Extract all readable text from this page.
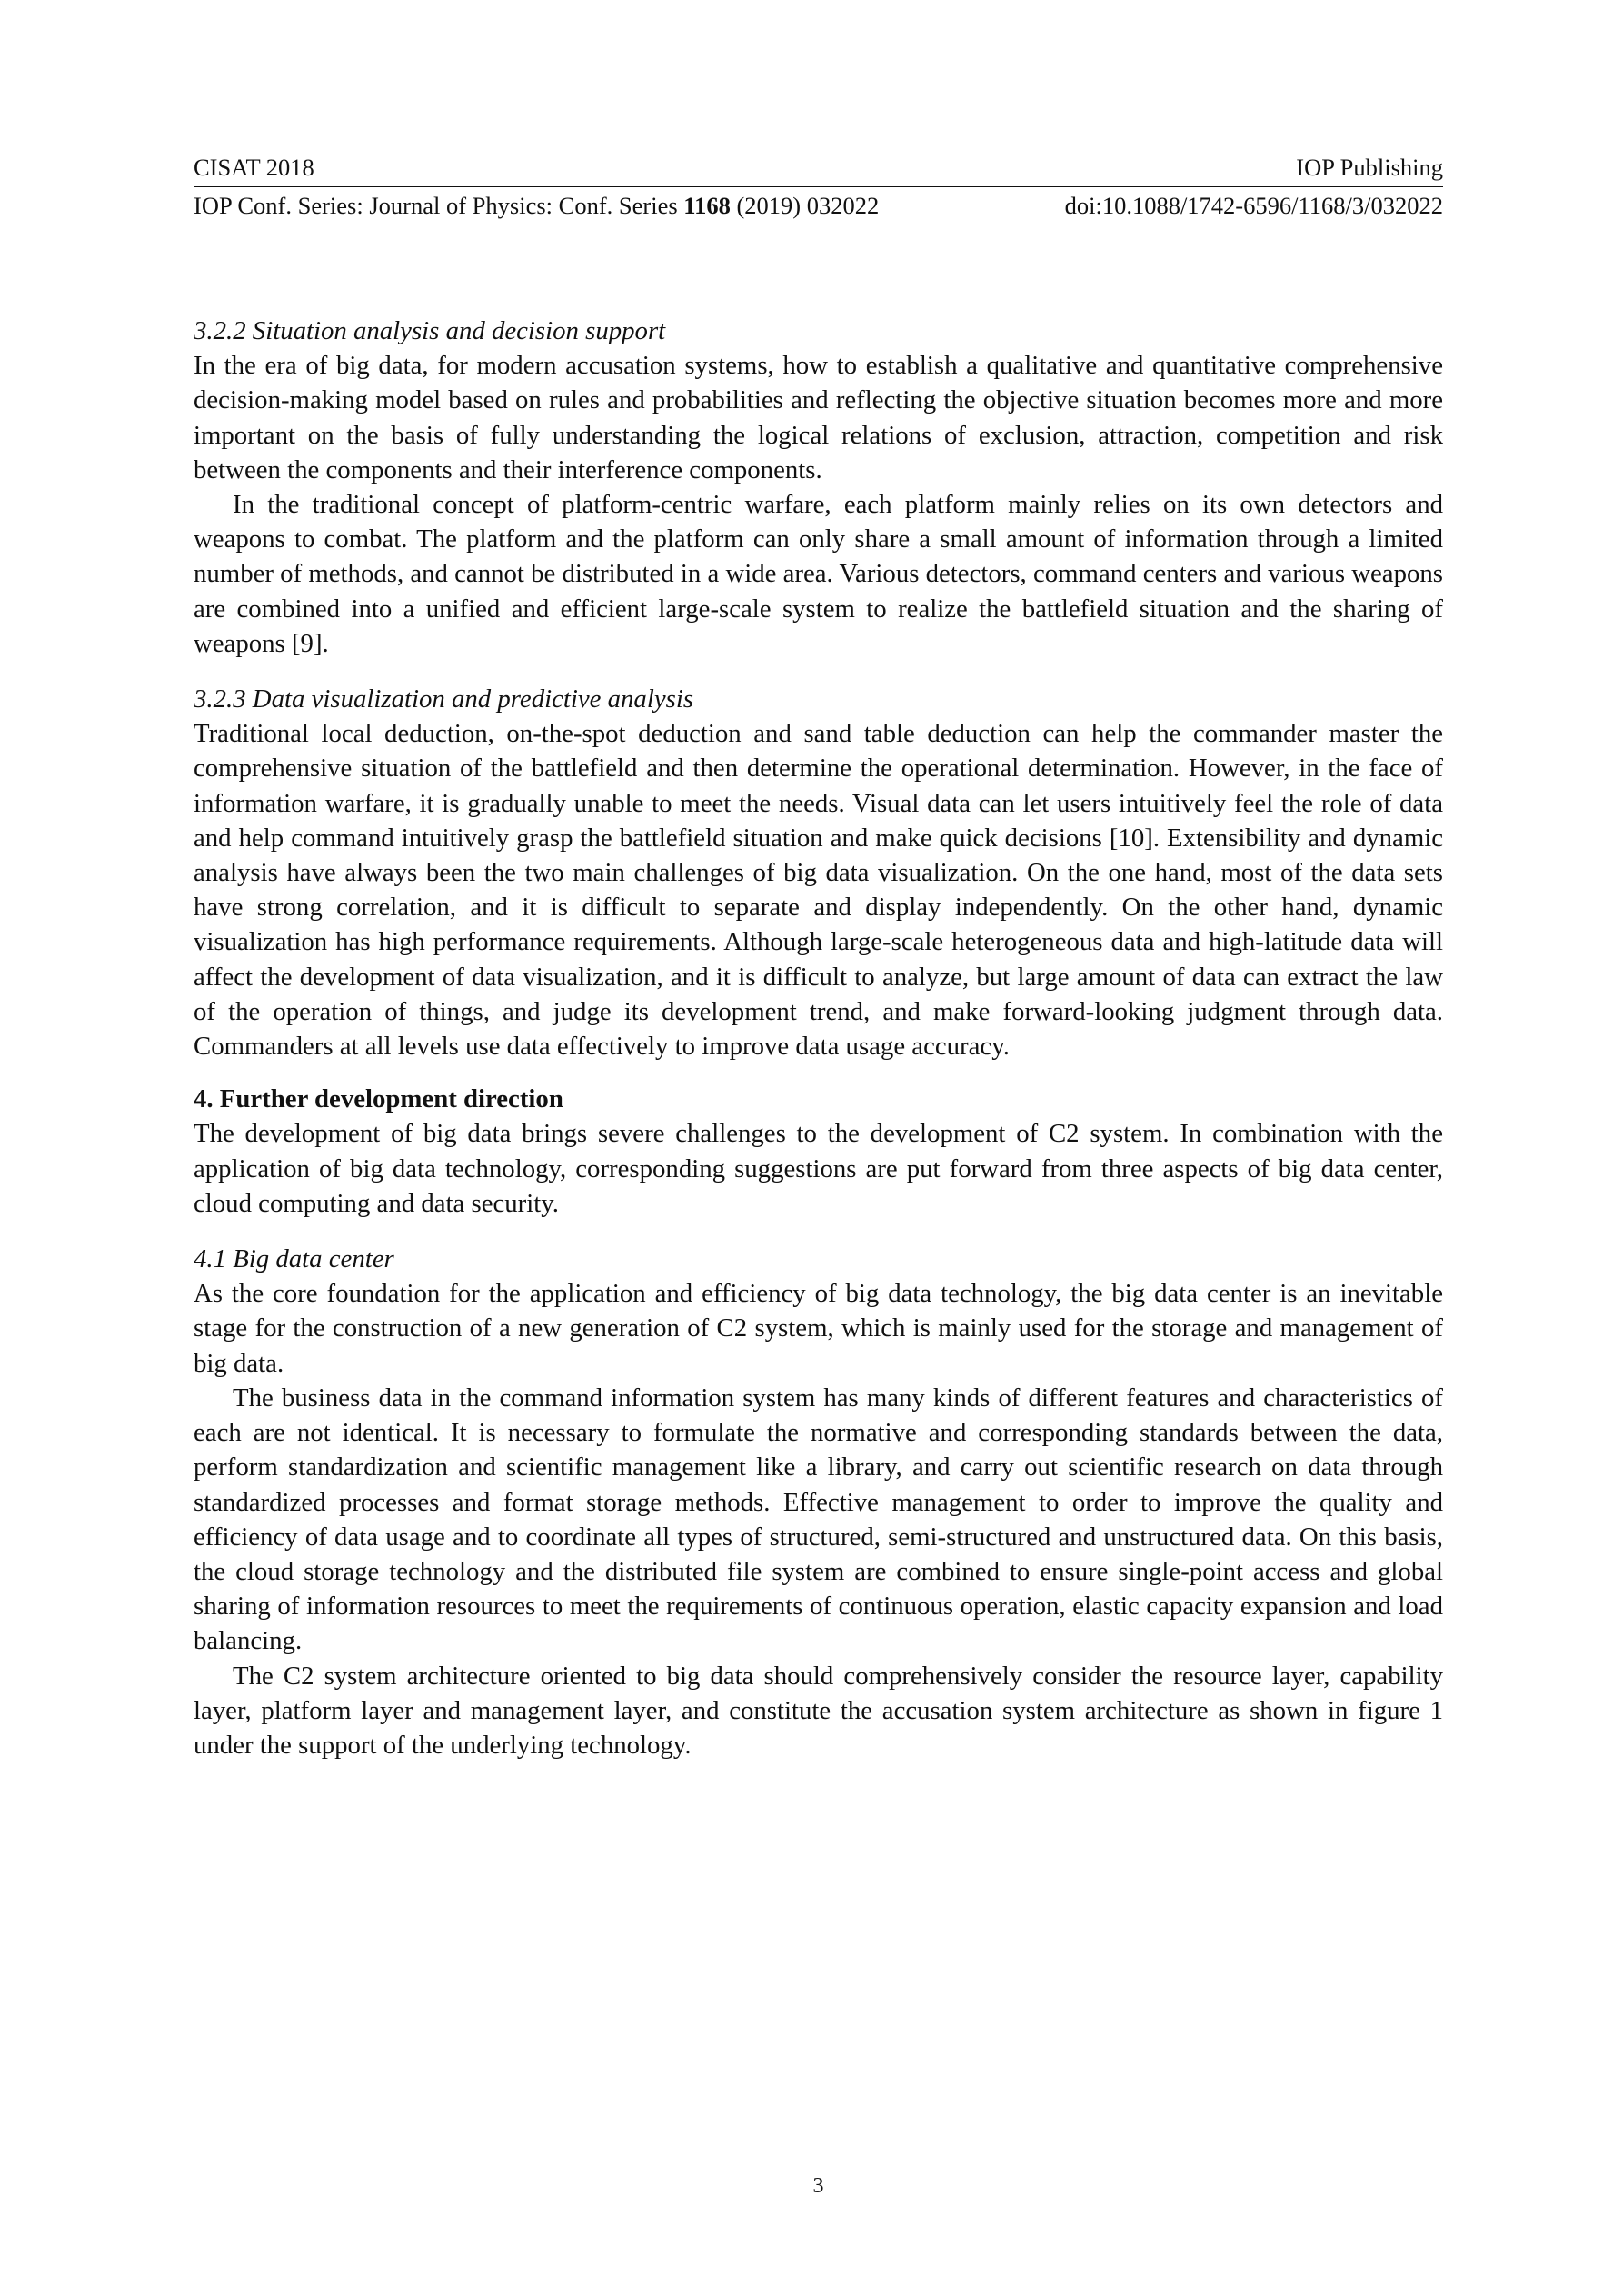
CISAT 2018	IOP Publishing
IOP Conf. Series: Journal of Physics: Conf. Series 1168 (2019) 032022	doi:10.1088/1742-6596/1168/3/032022

3.2.2 Situation analysis and decision support

In the era of big data, for modern accusation systems, how to establish a qualitative and quantitative comprehensive decision-making model based on rules and probabilities and reflecting the objective situation becomes more and more important on the basis of fully understanding the logical relations of exclusion, attraction, competition and risk between the components and their interference components.

In the traditional concept of platform-centric warfare, each platform mainly relies on its own detectors and weapons to combat. The platform and the platform can only share a small amount of information through a limited number of methods, and cannot be distributed in a wide area. Various detectors, command centers and various weapons are combined into a unified and efficient large-scale system to realize the battlefield situation and the sharing of weapons [9].

3.2.3 Data visualization and predictive analysis

Traditional local deduction, on-the-spot deduction and sand table deduction can help the commander master the comprehensive situation of the battlefield and then determine the operational determination. However, in the face of information warfare, it is gradually unable to meet the needs. Visual data can let users intuitively feel the role of data and help command intuitively grasp the battlefield situation and make quick decisions [10]. Extensibility and dynamic analysis have always been the two main challenges of big data visualization. On the one hand, most of the data sets have strong correlation, and it is difficult to separate and display independently. On the other hand, dynamic visualization has high performance requirements. Although large-scale heterogeneous data and high-latitude data will affect the development of data visualization, and it is difficult to analyze, but large amount of data can extract the law of the operation of things, and judge its development trend, and make forward-looking judgment through data. Commanders at all levels use data effectively to improve data usage accuracy.

4. Further development direction

The development of big data brings severe challenges to the development of C2 system. In combination with the application of big data technology, corresponding suggestions are put forward from three aspects of big data center, cloud computing and data security.

4.1 Big data center

As the core foundation for the application and efficiency of big data technology, the big data center is an inevitable stage for the construction of a new generation of C2 system, which is mainly used for the storage and management of big data.

The business data in the command information system has many kinds of different features and characteristics of each are not identical. It is necessary to formulate the normative and corresponding standards between the data, perform standardization and scientific management like a library, and carry out scientific research on data through standardized processes and format storage methods. Effective management to order to improve the quality and efficiency of data usage and to coordinate all types of structured, semi-structured and unstructured data. On this basis, the cloud storage technology and the distributed file system are combined to ensure single-point access and global sharing of information resources to meet the requirements of continuous operation, elastic capacity expansion and load balancing.

The C2 system architecture oriented to big data should comprehensively consider the resource layer, capability layer, platform layer and management layer, and constitute the accusation system architecture as shown in figure 1 under the support of the underlying technology.

3
